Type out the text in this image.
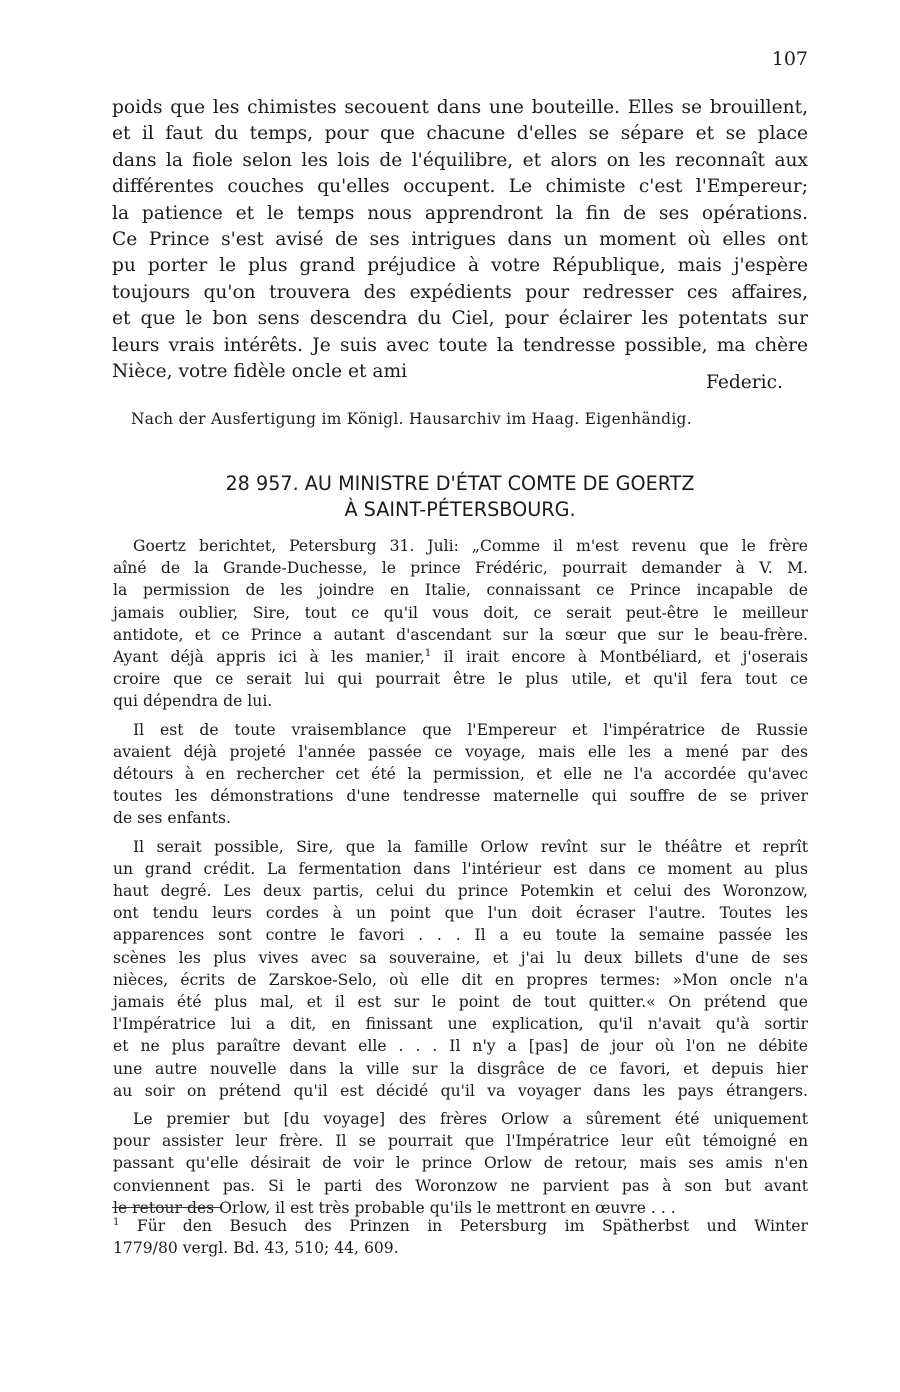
107
poids que les chimistes secouent dans une bouteille. Elles se brouillent,
et il faut du temps, pour que chacune d'elles se sépare et se place
dans la fiole selon les lois de l'équilibre, et alors on les reconnaît aux
différentes couches qu'elles occupent. Le chimiste c'est l'Empereur;
la patience et le temps nous apprendront la fin de ses opérations.
Ce Prince s'est avisé de ses intrigues dans un moment où elles ont
pu porter le plus grand préjudice à votre République, mais j'espère
toujours qu'on trouvera des expédients pour redresser ces affaires,
et que le bon sens descendra du Ciel, pour éclairer les potentats sur
leurs vrais intérêts. Je suis avec toute la tendresse possible, ma chère
Nièce, votre fidèle oncle et ami
Federic.
Nach der Ausfertigung im Königl. Hausarchiv im Haag. Eigenhändig.
28 957. AU MINISTRE D'ÉTAT COMTE DE GOERTZ
À SAINT-PÉTERSBOURG.
Goertz berichtet, Petersburg 31. Juli: „Comme il m'est revenu que le frère
aîné de la Grande-Duchesse, le prince Frédéric, pourrait demander à V. M.
la permission de les joindre en Italie, connaissant ce Prince incapable de
jamais oublier, Sire, tout ce qu'il vous doit, ce serait peut-être le meilleur
antidote, et ce Prince a autant d'ascendant sur la sœur que sur le beau-frère.
Ayant déjà appris ici à les manier,$^1$ il irait encore à Montbéliard, et j'oserais
croire que ce serait lui qui pourrait être le plus utile, et qu'il fera tout ce
qui dépendra de lui.
Il est de toute vraisemblance que l'Empereur et l'impératrice de Russie
avaient déjà projeté l'année passée ce voyage, mais elle les a mené par des
détours à en rechercher cet été la permission, et elle ne l'a accordée qu'avec
toutes les démonstrations d'une tendresse maternelle qui souffre de se priver
de ses enfants.
Il serait possible, Sire, que la famille Orlow revînt sur le théâtre et reprît
un grand crédit. La fermentation dans l'intérieur est dans ce moment au plus
haut degré. Les deux partis, celui du prince Potemkin et celui des Woronzow,
ont tendu leurs cordes à un point que l'un doit écraser l'autre. Toutes les
apparences sont contre le favori . . . Il a eu toute la semaine passée les
scènes les plus vives avec sa souveraine, et j'ai lu deux billets d'une de ses
nièces, écrits de Zarskoe-Selo, où elle dit en propres termes: »Mon oncle n'a
jamais été plus mal, et il est sur le point de tout quitter.« On prétend que
l'Impératrice lui a dit, en finissant une explication, qu'il n'avait qu'à sortir
et ne plus paraître devant elle . . . Il n'y a [pas] de jour où l'on ne débite
une autre nouvelle dans la ville sur la disgrâce de ce favori, et depuis hier
au soir on prétend qu'il est décidé qu'il va voyager dans les pays étrangers.
Le premier but [du voyage] des frères Orlow a sûrement été uniquement
pour assister leur frère. Il se pourrait que l'Impératrice leur eût témoigné en
passant qu'elle désirait de voir le prince Orlow de retour, mais ses amis n'en
conviennent pas. Si le parti des Woronzow ne parvient pas à son but avant
le retour des Orlow, il est très probable qu'ils le mettront en œuvre . . .
$^1$ Für den Besuch des Prinzen in Petersburg im Spätherbst und Winter
1779/80 vergl. Bd. 43, 510; 44, 609.
